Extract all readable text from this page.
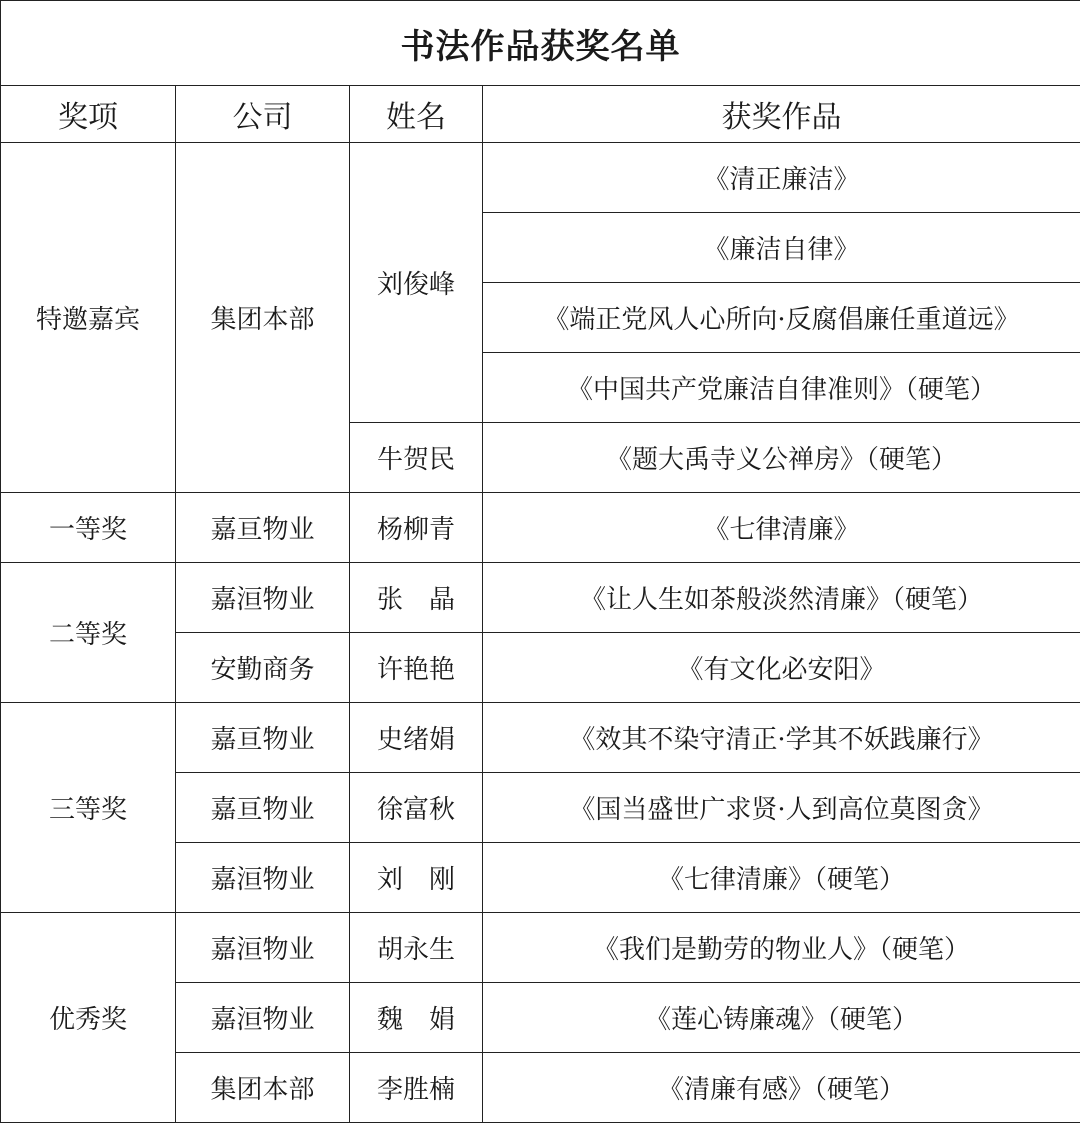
书法作品获奖名单			
奖项	公司	姓名	获奖作品
特邀嘉宾	集团本部	刘俊峰	《清正廉洁》
			《廉洁自律》
			《端正党风人心所向·反腐倡廉任重道远》
			《中国共产党廉洁自律准则》（硬笔）
		牛贺民	《题大禹寺义公禅房》（硬笔）
一等奖	嘉亘物业	杨柳青	《七律清廉》
二等奖	嘉洹物业	张　晶	《让人生如茶般淡然清廉》（硬笔）
	安勤商务	许艳艳	《有文化必安阳》
三等奖	嘉亘物业	史绪娟	《效其不染守清正·学其不妖践廉行》
	嘉亘物业	徐富秋	《国当盛世广求贤·人到高位莫图贪》
	嘉洹物业	刘　刚	《七律清廉》（硬笔）
优秀奖	嘉洹物业	胡永生	《我们是勤劳的物业人》（硬笔）
	嘉洹物业	魏　娟	《莲心铸廉魂》（硬笔）
	集团本部	李胜楠	《清廉有感》（硬笔）
